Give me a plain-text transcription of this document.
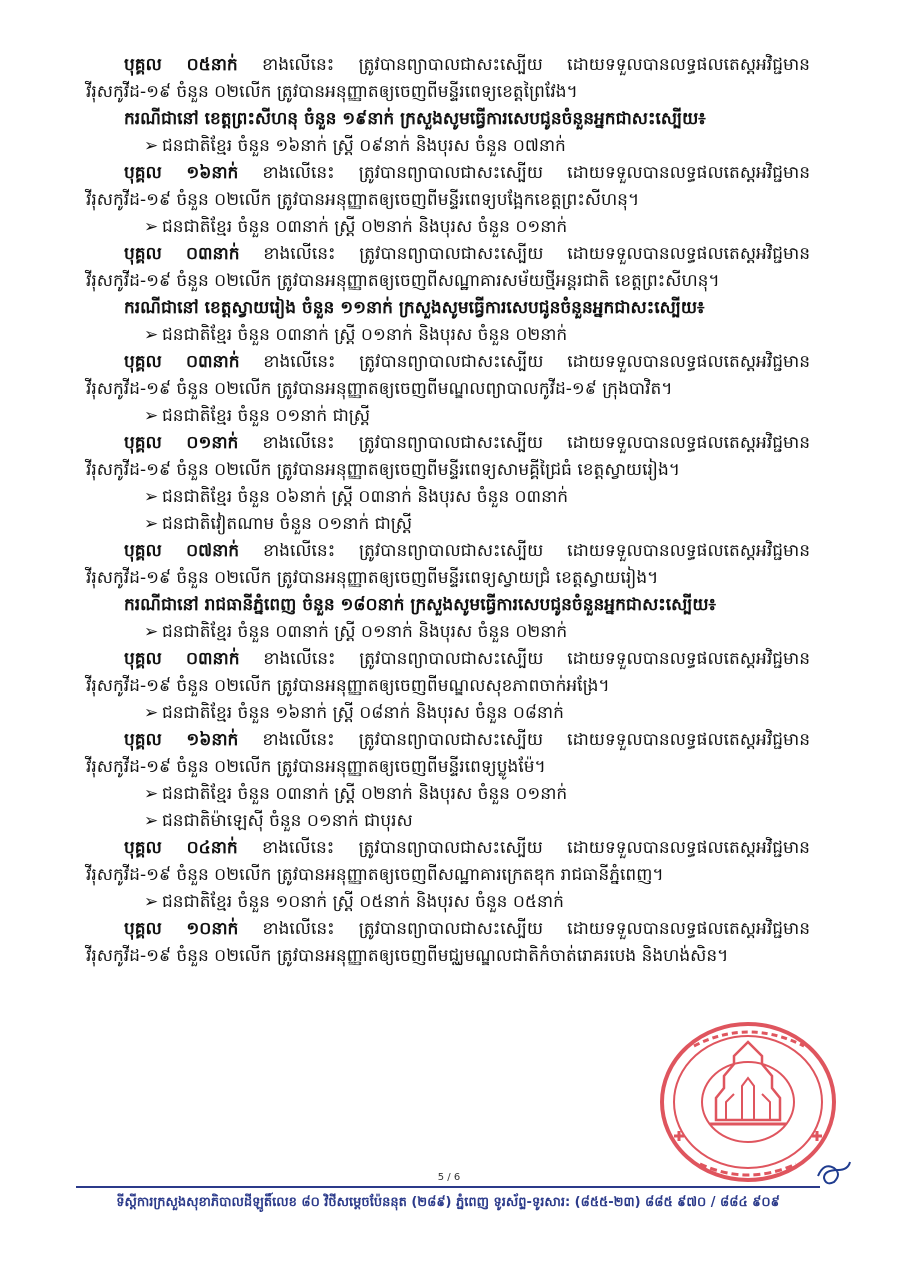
បុគ្គល ០៥នាក់ ខាងលើនេះ ត្រូវបានព្យាបាលជាសះស្បើយ ដោយទទួលបានលទ្ធផលតេស្តអវិជ្ជមានវីរុសកូវីដ-១៩ ចំនួន ០២លើក ត្រូវបានអនុញ្ញាតឲ្យចេញពីមន្ទីរពេទ្យខេត្តព្រៃវែង។

ករណីជានៅ ខេត្តព្រះសីហនុ ចំនួន ១៩នាក់ ក្រសួងសូមធ្វើការសេបជូនចំនួនអ្នកជាសះស្បើយ៖

➢ ជនជាតិខ្មែរ ចំនួន ១៦នាក់ ស្ត្រី ០៩នាក់ និងបុរស ចំនួន ០៧នាក់

បុគ្គល ១៦នាក់ ខាងលើនេះ ត្រូវបានព្យាបាលជាសះស្បើយ ដោយទទួលបានលទ្ធផលតេស្តអវិជ្ជមានវីរុសកូវីដ-១៩ ចំនួន ០២លើក ត្រូវបានអនុញ្ញាតឲ្យចេញពីមន្ទីរពេទ្យបង្អែកខេត្តព្រះសីហនុ។

➢ ជនជាតិខ្មែរ ចំនួន ០៣នាក់ ស្ត្រី ០២នាក់ និងបុរស ចំនួន ០១នាក់

បុគ្គល ០៣នាក់ ខាងលើនេះ ត្រូវបានព្យាបាលជាសះស្បើយ ដោយទទួលបានលទ្ធផលតេស្តអវិជ្ជមានវីរុសកូវីដ-១៩ ចំនួន ០២លើក ត្រូវបានអនុញ្ញាតឲ្យចេញពីសណ្ឋាគារសម័យថ្មីអន្តរជាតិ ខេត្តព្រះសីហនុ។

ករណីជានៅ ខេត្តស្វាយរៀង ចំនួន ១១នាក់ ក្រសួងសូមធ្វើការសេបជូនចំនួនអ្នកជាសះស្បើយ៖

➢ ជនជាតិខ្មែរ ចំនួន ០៣នាក់ ស្ត្រី ០១នាក់ និងបុរស ចំនួន ០២នាក់

បុគ្គល ០៣នាក់ ខាងលើនេះ ត្រូវបានព្យាបាលជាសះស្បើយ ដោយទទួលបានលទ្ធផលតេស្តអវិជ្ជមានវីរុសកូវីដ-១៩ ចំនួន ០២លើក ត្រូវបានអនុញ្ញាតឲ្យចេញពីមណ្ឌលព្យាបាលកូវីដ-១៩ ក្រុងបាវិត។

➢ ជនជាតិខ្មែរ ចំនួន ០១នាក់ ជាស្ត្រី

បុគ្គល ០១នាក់ ខាងលើនេះ ត្រូវបានព្យាបាលជាសះស្បើយ ដោយទទួលបានលទ្ធផលតេស្តអវិជ្ជមានវីរុសកូវីដ-១៩ ចំនួន ០២លើក ត្រូវបានអនុញ្ញាតឲ្យចេញពីមន្ទីរពេទ្យសាមគ្គីជ្រៃធំ ខេត្តស្វាយរៀង។

➢ ជនជាតិខ្មែរ ចំនួន ០៦នាក់ ស្ត្រី ០៣នាក់ និងបុរស ចំនួន ០៣នាក់

➢ ជនជាតិវៀតណាម ចំនួន ០១នាក់ ជាស្ត្រី

បុគ្គល ០៧នាក់ ខាងលើនេះ ត្រូវបានព្យាបាលជាសះស្បើយ ដោយទទួលបានលទ្ធផលតេស្តអវិជ្ជមានវីរុសកូវីដ-១៩ ចំនួន ០២លើក ត្រូវបានអនុញ្ញាតឲ្យចេញពីមន្ទីរពេទ្យស្វាយជ្រំ ខេត្តស្វាយរៀង។

ករណីជានៅ រាជធានីភ្នំពេញ ចំនួន ១៨០នាក់ ក្រសួងសូមធ្វើការសេបជូនចំនួនអ្នកជាសះស្បើយ៖

➢ ជនជាតិខ្មែរ ចំនួន ០៣នាក់ ស្ត្រី ០១នាក់ និងបុរស ចំនួន ០២នាក់

បុគ្គល ០៣នាក់ ខាងលើនេះ ត្រូវបានព្យាបាលជាសះស្បើយ ដោយទទួលបានលទ្ធផលតេស្តអវិជ្ជមានវីរុសកូវីដ-១៩ ចំនួន ០២លើក ត្រូវបានអនុញ្ញាតឲ្យចេញពីមណ្ឌលសុខភាពចាក់អង្រែ។

➢ ជនជាតិខ្មែរ ចំនួន ១៦នាក់ ស្ត្រី ០៨នាក់ និងបុរស ចំនួន ០៨នាក់

បុគ្គល ១៦នាក់ ខាងលើនេះ ត្រូវបានព្យាបាលជាសះស្បើយ ដោយទទួលបានលទ្ធផលតេស្តអវិជ្ជមានវីរុសកូវីដ-១៩ ចំនួន ០២លើក ត្រូវបានអនុញ្ញាតឲ្យចេញពីមន្ទីរពេទ្យប្លូងម៉ែ។

➢ ជនជាតិខ្មែរ ចំនួន ០៣នាក់ ស្ត្រី ០២នាក់ និងបុរស ចំនួន ០១នាក់

➢ ជនជាតិម៉ាឡេស៊ី ចំនួន ០១នាក់ ជាបុរស

បុគ្គល ០៤នាក់ ខាងលើនេះ ត្រូវបានព្យាបាលជាសះស្បើយ ដោយទទួលបានលទ្ធផលតេស្តអវិជ្ជមានវីរុសកូវីដ-១៩ ចំនួន ០២លើក ត្រូវបានអនុញ្ញាតឲ្យចេញពីសណ្ឋាគារក្រេតឌុក រាជធានីភ្នំពេញ។

➢ ជនជាតិខ្មែរ ចំនួន ១០នាក់ ស្ត្រី ០៥នាក់ និងបុរស ចំនួន ០៥នាក់

បុគ្គល ១០នាក់ ខាងលើនេះ ត្រូវបានព្យាបាលជាសះស្បើយ ដោយទទួលបានលទ្ធផលតេស្តអវិជ្ជមានវីរុសកូវីដ-១៩ ចំនួន ០២លើក ត្រូវបានអនុញ្ញាតឲ្យចេញពីមជ្ឈមណ្ឌលជាតិកំចាត់រោគរបេង និងហង់សិន។

5 / 6
ទីស្តីការក្រសួងសុខាភិបាលដីឡូតិ៍លេខ ៨០ វិថីសម្តេចប៉ែននុត (២៨៩) ភ្នំពេញ ទូរស័ព្ទ-ទូរសារ: (៨៥៥-២៣) ៨៨៥ ៩៧០ / ៨៨៤ ៩០៩
